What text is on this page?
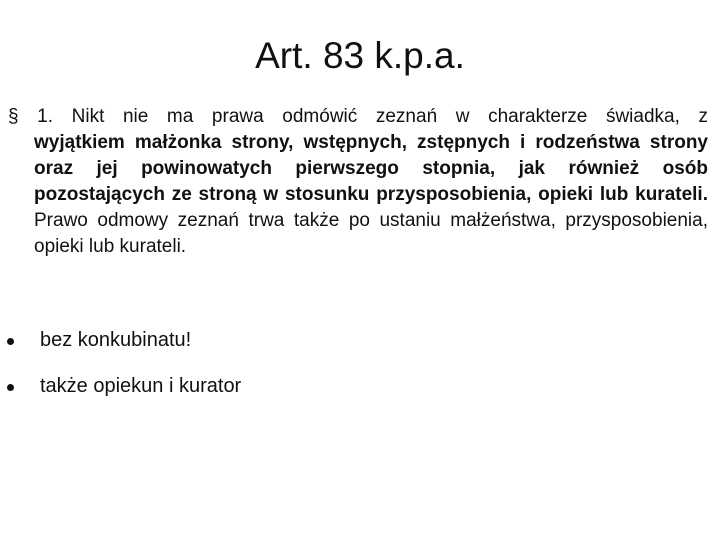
Art. 83 k.p.a.
§ 1. Nikt nie ma prawa odmówić zeznań w charakterze świadka, z
wyjątkiem małżonka strony, wstępnych, zstępnych i rodzeństwa strony oraz jej powinowatych pierwszego stopnia, jak również osób pozostających ze stroną w stosunku przysposobienia, opieki lub kurateli. Prawo odmowy zeznań trwa także po ustaniu małżeństwa, przysposobienia, opieki lub kurateli.
bez konkubinatu!
także opiekun i kurator
